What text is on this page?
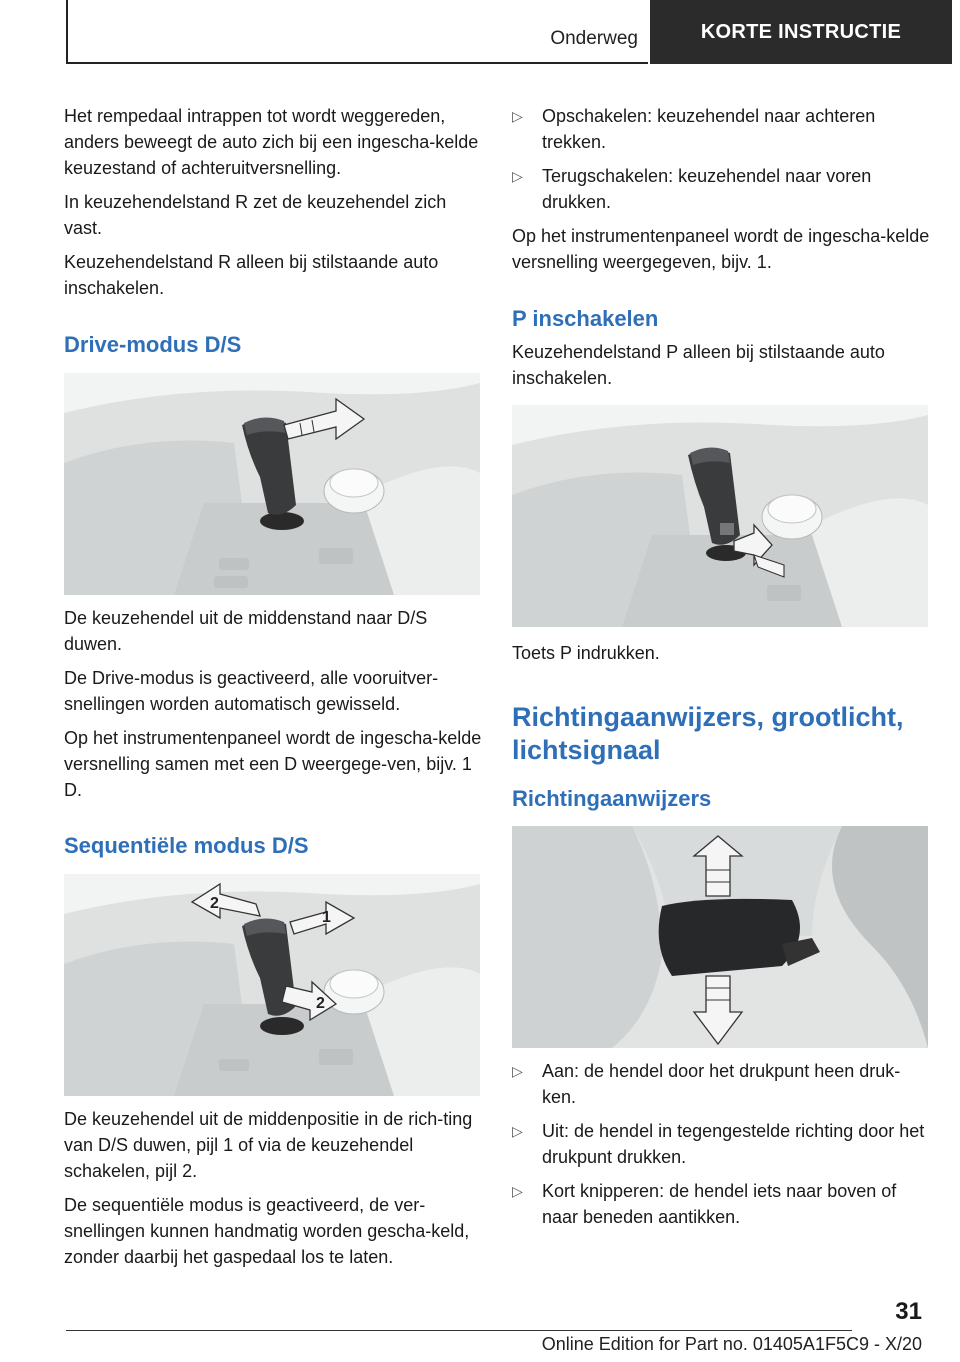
Onderweg	KORTE INSTRUCTIE

Het rempedaal intrappen tot wordt weggereden, anders beweegt de auto zich bij een ingescha-kelde keuzestand of achteruitversnelling.

In keuzehendelstand R zet de keuzehendel zich vast.

Keuzehendelstand R alleen bij stilstaande auto inschakelen.

Drive-modus D/S

De keuzehendel uit de middenstand naar D/S duwen.

De Drive-modus is geactiveerd, alle vooruitver-snellingen worden automatisch gewisseld.

Op het instrumentenpaneel wordt de ingescha-kelde versnelling samen met een D weergege-ven, bijv. 1 D.

Sequentiële modus D/S
1
2
2

De keuzehendel uit de middenpositie in de rich-ting van D/S duwen, pijl 1 of via de keuzehendel schakelen, pijl 2.

De sequentiële modus is geactiveerd, de ver-snellingen kunnen handmatig worden gescha-keld, zonder daarbij het gaspedaal los te laten.

▷ Opschakelen: keuzehendel naar achteren trekken.
▷ Terugschakelen: keuzehendel naar voren drukken.

Op het instrumentenpaneel wordt de ingescha-kelde versnelling weergegeven, bijv. 1.

P inschakelen

Keuzehendelstand P alleen bij stilstaande auto inschakelen.

Toets P indrukken.

Richtingaanwijzers, grootlicht, lichtsignaal
Richtingaanwijzers
▷ Aan: de hendel door het drukpunt heen druk-ken.
▷ Uit: de hendel in tegengestelde richting door het drukpunt drukken.
▷ Kort knipperen: de hendel iets naar boven of naar beneden aantikken.
31
Online Edition for Part no. 01405A1F5C9 - X/20
